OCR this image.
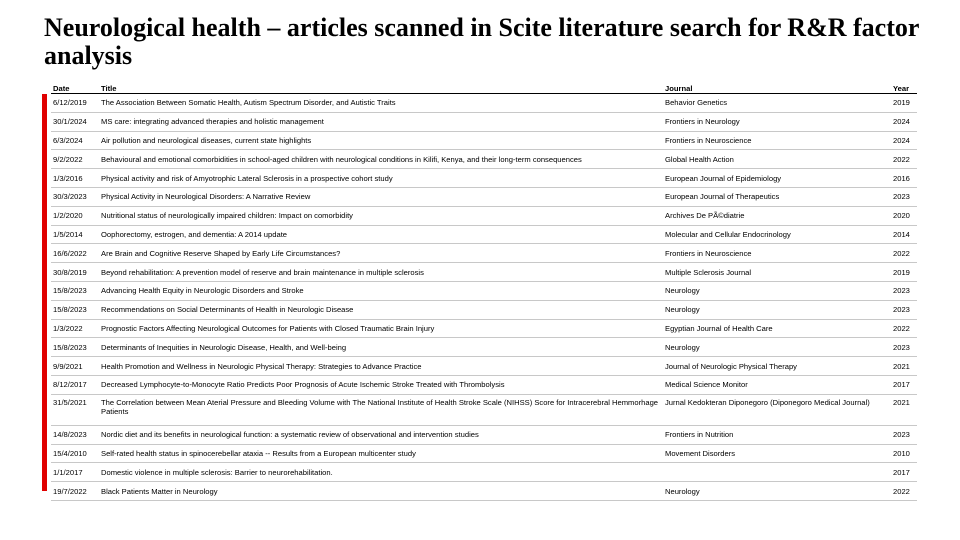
Neurological health – articles scanned in Scite literature search for R&R factor analysis
Date	Title	Journal	Year
6/12/2019	The Association Between Somatic Health, Autism Spectrum Disorder, and Autistic Traits	Behavior Genetics	2019
30/1/2024	MS care: integrating advanced therapies and holistic management	Frontiers in Neurology	2024
6/3/2024	Air pollution and neurological diseases, current state highlights	Frontiers in Neuroscience	2024
9/2/2022	Behavioural and emotional comorbidities in school-aged children with neurological conditions in Kilifi, Kenya, and their long-term consequences	Global Health Action	2022
1/3/2016	Physical activity and risk of Amyotrophic Lateral Sclerosis in a prospective cohort study	European Journal of Epidemiology	2016
30/3/2023	Physical Activity in Neurological Disorders: A Narrative Review	European Journal of Therapeutics	2023
1/2/2020	Nutritional status of neurologically impaired children: Impact on comorbidity	Archives De PÃ©diatrie	2020
1/5/2014	Oophorectomy, estrogen, and dementia: A 2014 update	Molecular and Cellular Endocrinology	2014
16/6/2022	Are Brain and Cognitive Reserve Shaped by Early Life Circumstances?	Frontiers in Neuroscience	2022
30/8/2019	Beyond rehabilitation: A prevention model of reserve and brain maintenance in multiple sclerosis	Multiple Sclerosis Journal	2019
15/8/2023	Advancing Health Equity in Neurologic Disorders and Stroke	Neurology	2023
15/8/2023	Recommendations on Social Determinants of Health in Neurologic Disease	Neurology	2023
1/3/2022	Prognostic Factors Affecting Neurological Outcomes for Patients with Closed Traumatic Brain Injury	Egyptian Journal of Health Care	2022
15/8/2023	Determinants of Inequities in Neurologic Disease, Health, and Well-being	Neurology	2023
9/9/2021	Health Promotion and Wellness in Neurologic Physical Therapy: Strategies to Advance Practice	Journal of Neurologic Physical Therapy	2021
8/12/2017	Decreased Lymphocyte-to-Monocyte Ratio Predicts Poor Prognosis of Acute Ischemic Stroke Treated with Thrombolysis	Medical Science Monitor	2017
31/5/2021	The Correlation between Mean Aterial Pressure and Bleeding Volume with The National Institute of Health Stroke Scale (NIHSS) Score for Intracerebral Hemmorhage Patients	Jurnal Kedokteran Diponegoro (Diponegoro Medical Journal)	2021
14/8/2023	Nordic diet and its benefits in neurological function: a systematic review of observational and intervention studies	Frontiers in Nutrition	2023
15/4/2010	Self-rated health status in spinocerebellar ataxia -- Results from a European multicenter study	Movement Disorders	2010
1/1/2017	Domestic violence in multiple sclerosis: Barrier to neurorehabilitation.		2017
19/7/2022	Black Patients Matter in Neurology	Neurology	2022
